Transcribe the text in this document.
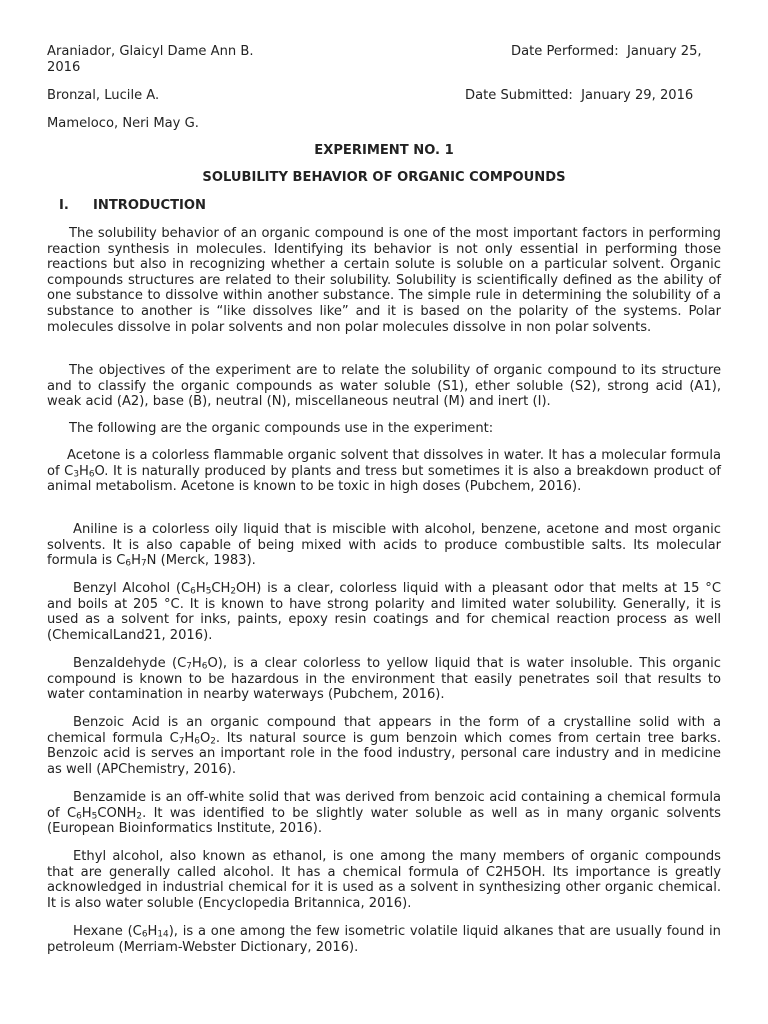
Araniador, Glaicyl Dame Ann B.	Date Performed: January 25,

2016

Bronzal, Lucile A.	Date Submitted: January 29, 2016

Mameloco, Neri May G.

EXPERIMENT NO. 1

SOLUBILITY BEHAVIOR OF ORGANIC COMPOUNDS

I. INTRODUCTION

The solubility behavior of an organic compound is one of the most important factors in performing reaction synthesis in molecules. Identifying its behavior is not only essential in performing those reactions but also in recognizing whether a certain solute is soluble on a particular solvent. Organic compounds structures are related to their solubility. Solubility is scientifically defined as the ability of one substance to dissolve within another substance. The simple rule in determining the solubility of a substance to another is “like dissolves like” and it is based on the polarity of the systems. Polar molecules dissolve in polar solvents and non polar molecules dissolve in non polar solvents.

The objectives of the experiment are to relate the solubility of organic compound to its structure and to classify the organic compounds as water soluble (S1), ether soluble (S2), strong acid (A1), weak acid (A2), base (B), neutral (N), miscellaneous neutral (M) and inert (I).

The following are the organic compounds use in the experiment:

Acetone is a colorless flammable organic solvent that dissolves in water. It has a molecular formula of $C_3H_6O$. It is naturally produced by plants and tress but sometimes it is also a breakdown product of animal metabolism. Acetone is known to be toxic in high doses (Pubchem, 2016).

Aniline is a colorless oily liquid that is miscible with alcohol, benzene, acetone and most organic solvents. It is also capable of being mixed with acids to produce combustible salts. Its molecular formula is $C_6H_7N$ (Merck, 1983).

Benzyl Alcohol $(C_6H_5CH_2OH)$ is a clear, colorless liquid with a pleasant odor that melts at 15 °C and boils at 205 °C. It is known to have strong polarity and limited water solubility. Generally, it is used as a solvent for inks, paints, epoxy resin coatings and for chemical reaction process as well (ChemicalLand21, 2016).

Benzaldehyde $(C_7H_6O)$, is a clear colorless to yellow liquid that is water insoluble. This organic compound is known to be hazardous in the environment that easily penetrates soil that results to water contamination in nearby waterways (Pubchem, 2016).

Benzoic Acid is an organic compound that appears in the form of a crystalline solid with a chemical formula $C_7H_6O_2$. Its natural source is gum benzoin which comes from certain tree barks. Benzoic acid is serves an important role in the food industry, personal care industry and in medicine as well (APChemistry, 2016).

Benzamide is an off-white solid that was derived from benzoic acid containing a chemical formula of $C_6H_5CONH_2$. It was identified to be slightly water soluble as well as in many organic solvents (European Bioinformatics Institute, 2016).

Ethyl alcohol, also known as ethanol, is one among the many members of organic compounds that are generally called alcohol. It has a chemical formula of C2H5OH. Its importance is greatly acknowledged in industrial chemical for it is used as a solvent in synthesizing other organic chemical. It is also water soluble (Encyclopedia Britannica, 2016).

Hexane $(C_6H_{14})$, is a one among the few isometric volatile liquid alkanes that are usually found in petroleum (Merriam-Webster Dictionary, 2016).
